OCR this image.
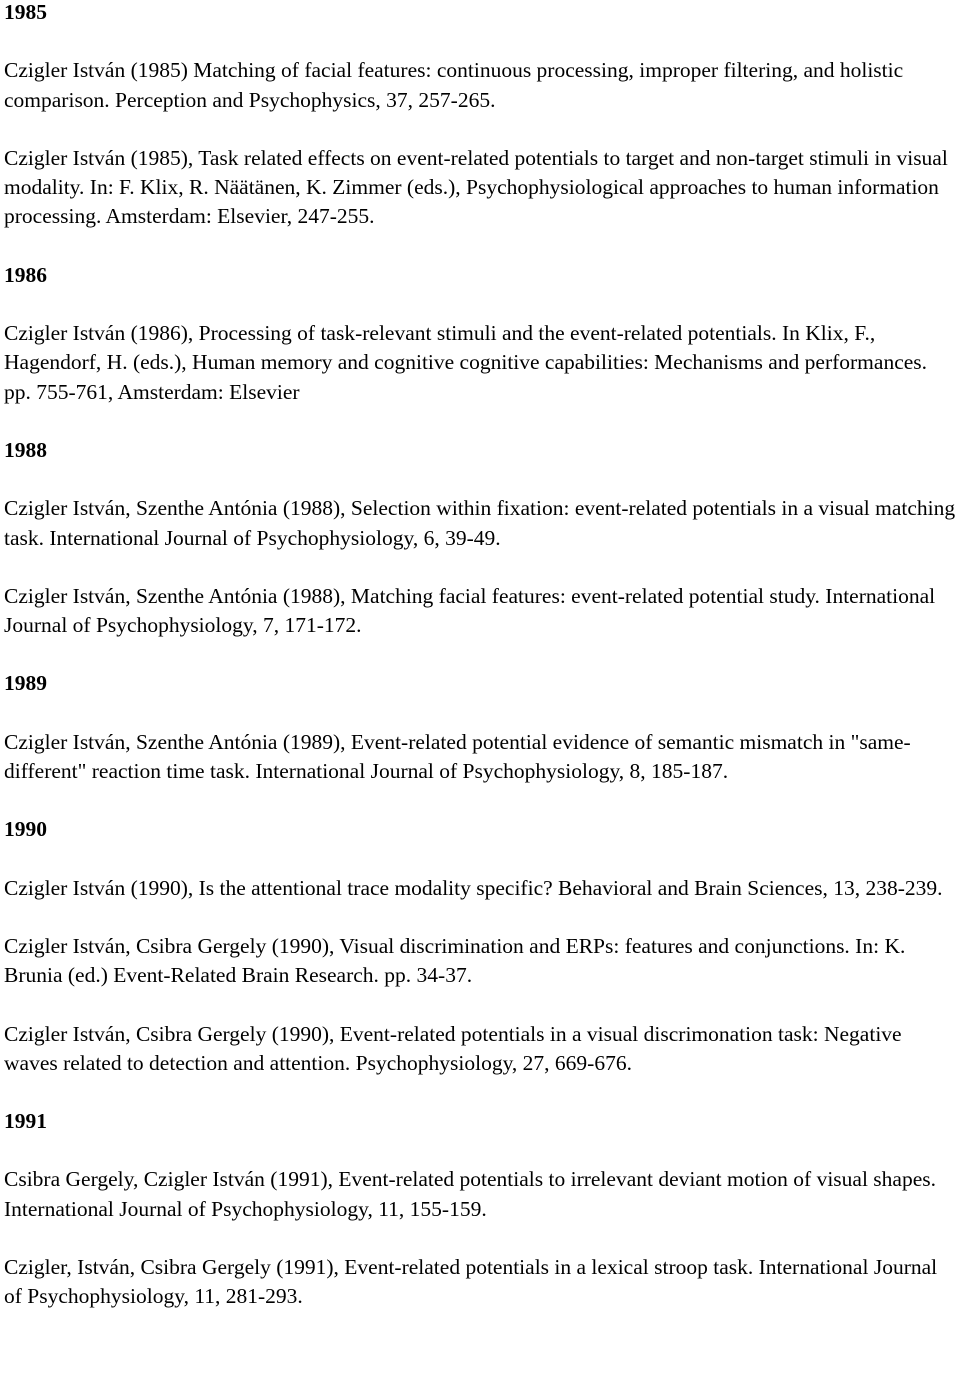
1985
Czigler István (1985) Matching of facial features: continuous processing, improper filtering, and holistic comparison. Perception and Psychophysics, 37, 257-265.
Czigler István (1985), Task related effects on event-related potentials to target and non-target stimuli in visual modality. In: F. Klix, R. Näätänen, K. Zimmer (eds.), Psychophysiological approaches to human information processing. Amsterdam: Elsevier, 247-255.
1986
Czigler István (1986), Processing of task-relevant stimuli and the event-related potentials. In Klix, F., Hagendorf, H. (eds.), Human memory and cognitive cognitive capabilities: Mechanisms and performances. pp. 755-761, Amsterdam: Elsevier
1988
Czigler István, Szenthe Antónia (1988), Selection within fixation: event-related potentials in a visual matching task. International Journal of Psychophysiology, 6, 39-49.
Czigler István, Szenthe Antónia (1988), Matching facial features: event-related potential study. International Journal of Psychophysiology, 7, 171-172.
1989
Czigler István, Szenthe Antónia (1989), Event-related potential evidence of semantic mismatch in "same-different" reaction time task. International Journal of Psychophysiology, 8, 185-187.
1990
Czigler István (1990), Is the attentional trace modality specific? Behavioral and Brain Sciences, 13, 238-239.
Czigler István, Csibra Gergely (1990), Visual discrimination and ERPs: features and conjunctions. In: K. Brunia (ed.) Event-Related Brain Research. pp. 34-37.
Czigler István, Csibra Gergely (1990), Event-related potentials in a visual discrimonation task: Negative waves related to detection and attention. Psychophysiology, 27, 669-676.
1991
Csibra Gergely, Czigler István (1991), Event-related potentials to irrelevant deviant motion of visual shapes. International Journal of Psychophysiology, 11, 155-159.
Czigler, István, Csibra Gergely (1991), Event-related potentials in a lexical stroop task. International Journal of Psychophysiology, 11, 281-293.
